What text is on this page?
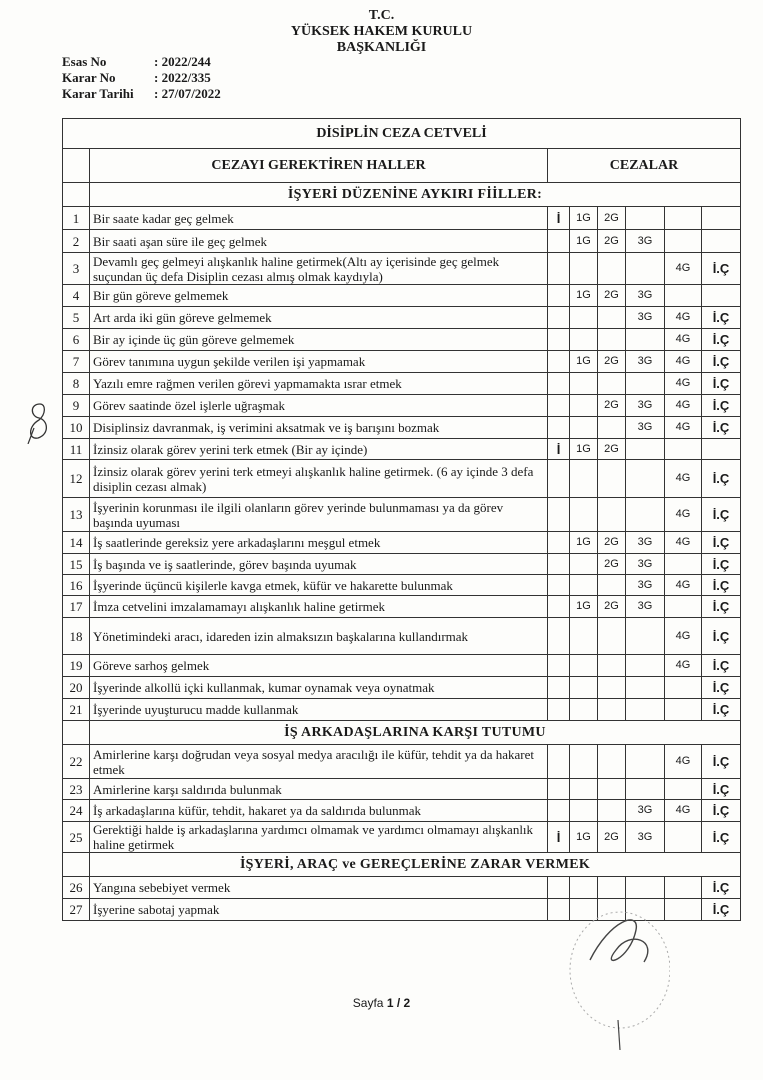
T.C.
YÜKSEK HAKEM KURULU
BAŞKANLIĞI
Esas No	: 2022/244
Karar No	: 2022/335
Karar Tarihi	: 27/07/2022
DİSİPLİN CEZA CETVELİ							
	CEZAYI GEREKTİREN HALLER	CEZALAR					
	İŞYERİ DÜZENİNE AYKIRI FİİLLER:						
1	Bir saate kadar geç gelmek	İ	1G	2G			
2	Bir saati aşan süre ile geç gelmek		1G	2G	3G		
3	Devamlı geç gelmeyi alışkanlık haline getirmek(Altı ay içerisinde geç gelmek suçundan üç defa Disiplin cezası almış olmak kaydıyla)					4G	İ.Ç
4	Bir gün göreve gelmemek		1G	2G	3G		
5	Art arda iki gün göreve gelmemek				3G	4G	İ.Ç
6	Bir ay içinde üç gün göreve gelmemek					4G	İ.Ç
7	Görev tanımına uygun şekilde verilen işi yapmamak		1G	2G	3G	4G	İ.Ç
8	Yazılı emre rağmen verilen görevi yapmamakta ısrar etmek					4G	İ.Ç
9	Görev saatinde özel işlerle uğraşmak			2G	3G	4G	İ.Ç
10	Disiplinsiz davranmak, iş verimini aksatmak ve iş barışını bozmak				3G	4G	İ.Ç
11	İzinsiz olarak görev yerini terk etmek (Bir ay içinde)	İ	1G	2G			
12	İzinsiz olarak görev yerini terk etmeyi alışkanlık haline getirmek. (6 ay içinde 3 defa disiplin cezası almak)					4G	İ.Ç
13	İşyerinin korunması ile ilgili olanların görev yerinde bulunmaması ya da görev başında uyuması					4G	İ.Ç
14	İş saatlerinde gereksiz yere arkadaşlarını meşgul etmek		1G	2G	3G	4G	İ.Ç
15	İş başında ve iş saatlerinde, görev başında uyumak			2G	3G		İ.Ç
16	İşyerinde üçüncü kişilerle kavga etmek, küfür ve hakarette bulunmak				3G	4G	İ.Ç
17	İmza cetvelini imzalamamayı alışkanlık haline getirmek		1G	2G	3G		İ.Ç
18	Yönetimindeki aracı, idareden izin almaksızın başkalarına kullandırmak					4G	İ.Ç
19	Göreve sarhoş gelmek					4G	İ.Ç
20	İşyerinde alkollü içki kullanmak, kumar oynamak veya oynatmak						İ.Ç
21	İşyerinde uyuşturucu madde kullanmak						İ.Ç
	İŞ ARKADAŞLARINA KARŞI TUTUMU						
22	Amirlerine karşı doğrudan veya sosyal medya aracılığı ile küfür, tehdit ya da hakaret etmek					4G	İ.Ç
23	Amirlerine karşı saldırıda bulunmak						İ.Ç
24	İş arkadaşlarına küfür, tehdit, hakaret ya da saldırıda bulunmak				3G	4G	İ.Ç
25	Gerektiği halde iş arkadaşlarına yardımcı olmamak ve yardımcı olmamayı alışkanlık haline getirmek	İ	1G	2G	3G		İ.Ç
	İŞYERİ, ARAÇ ve GEREÇLERİNE ZARAR VERMEK						
26	Yangına sebebiyet vermek						İ.Ç
27	İşyerine sabotaj yapmak						İ.Ç
Sayfa 1 / 2
